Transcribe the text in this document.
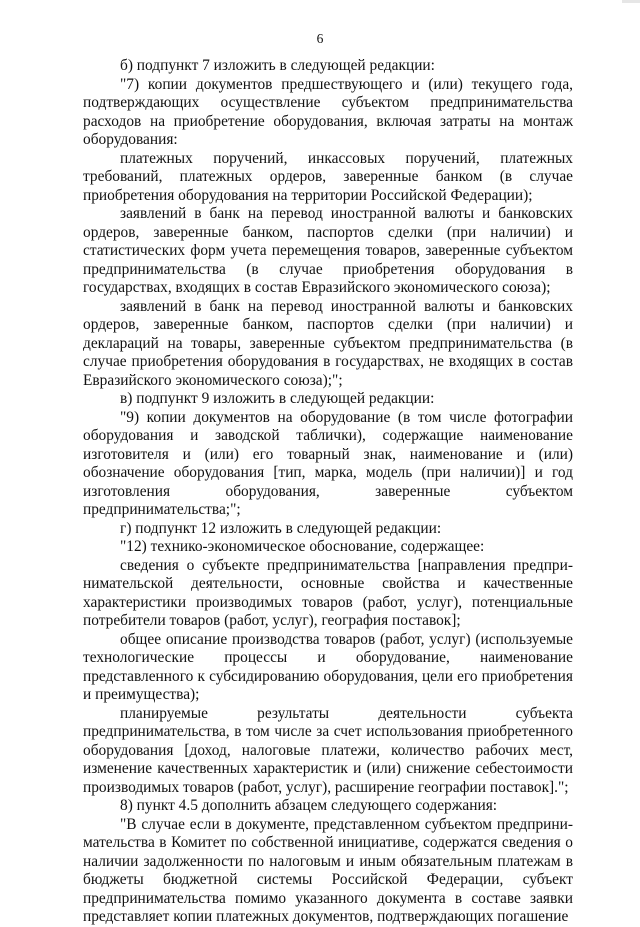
6

б) подпункт 7 изложить в следующей редакции:

"7) копии документов предшествующего и (или) текущего года, подтверждающих осуществление субъектом предпринимательства расходов на приобретение оборудования, включая затраты на монтаж оборудования:

платежных поручений, инкассовых поручений, платежных требований, платежных ордеров, заверенные банком (в случае приобретения оборудования на территории Российской Федерации);

заявлений в банк на перевод иностранной валюты и банковских ордеров, заверенные банком, паспортов сделки (при наличии) и статистических форм учета перемещения товаров, заверенные субъектом предпринимательства (в случае приобретения оборудования в государствах, входящих в состав Евразийского экономического союза);

заявлений в банк на перевод иностранной валюты и банковских ордеров, заверенные банком, паспортов сделки (при наличии) и деклараций на товары, заверенные субъектом предпринимательства (в случае приобретения оборудования в государствах, не входящих в состав Евразийского экономического союза);";

в) подпункт 9 изложить в следующей редакции:

"9) копии документов на оборудование (в том числе фотографии оборудования и заводской таблички), содержащие наименование изготовителя и (или) его товарный знак, наименование и (или) обозначение оборудования [тип, марка, модель (при наличии)] и год изготовления оборудования, заверенные субъектом предпринимательства;";

г) подпункт 12 изложить в следующей редакции:

"12) технико-экономическое обоснование, содержащее:

сведения о субъекте предпринимательства [направления предпринимательской деятельности, основные свойства и качественные характеристики производимых товаров (работ, услуг), потенциальные потребители товаров (работ, услуг), география поставок];

общее описание производства товаров (работ, услуг) (используемые технологические процессы и оборудование, наименование представленного к субсидированию оборудования, цели его приобретения и преимущества);

планируемые результаты деятельности субъекта предпринимательства, в том числе за счет использования приобретенного оборудования [доход, налоговые платежи, количество рабочих мест, изменение качественных характеристик и (или) снижение себестоимости производимых товаров (работ, услуг), расширение географии поставок].";

8) пункт 4.5 дополнить абзацем следующего содержания:

"В случае если в документе, представленном субъектом предпринимательства в Комитет по собственной инициативе, содержатся сведения о наличии задолженности по налоговым и иным обязательным платежам в бюджеты бюджетной системы Российской Федерации, субъект предпринимательства помимо указанного документа в составе заявки представляет копии платежных документов, подтверждающих погашение
